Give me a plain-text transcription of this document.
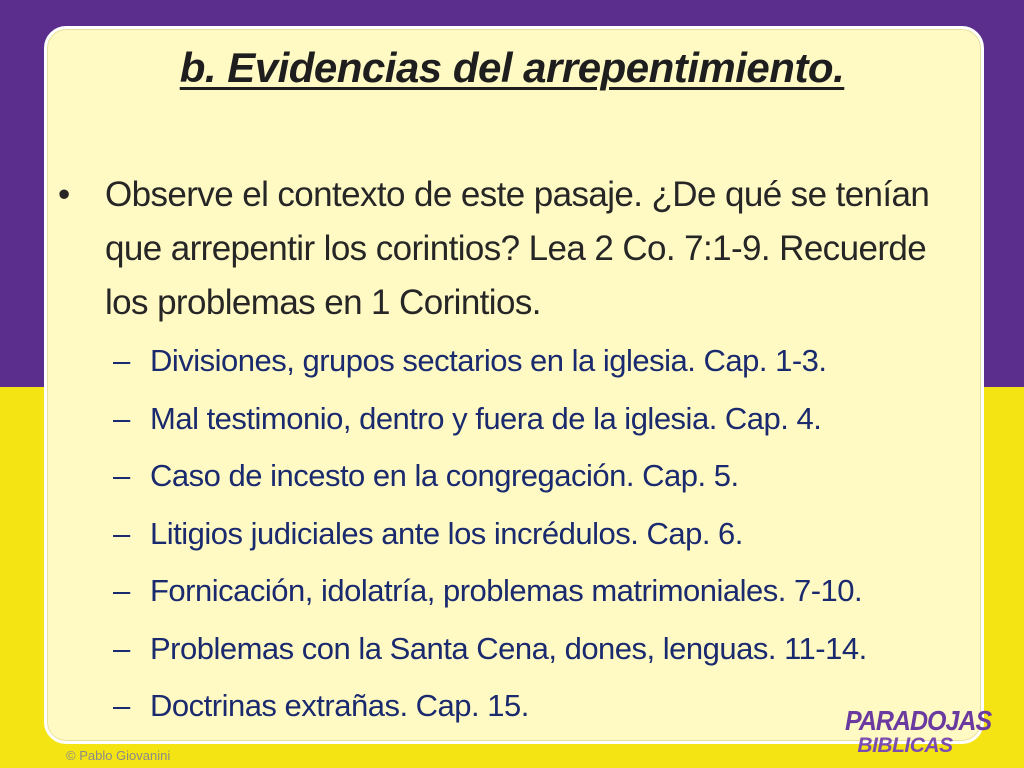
b. Evidencias del arrepentimiento.
• Observe el contexto de este pasaje. ¿De qué se tenían que arrepentir los corintios? Lea 2 Co. 7:1-9. Recuerde los problemas en 1 Corintios.
– Divisiones, grupos sectarios en la iglesia. Cap. 1-3.
– Mal testimonio, dentro y fuera de la iglesia. Cap. 4.
– Caso de incesto en la congregación. Cap. 5.
– Litigios judiciales ante los incrédulos. Cap. 6.
– Fornicación, idolatría, problemas matrimoniales. 7-10.
– Problemas con la Santa Cena, dones, lenguas. 11-14.
– Doctrinas extrañas. Cap. 15.
© Pablo Giovanini
PARADOJAS
BIBLICAS
